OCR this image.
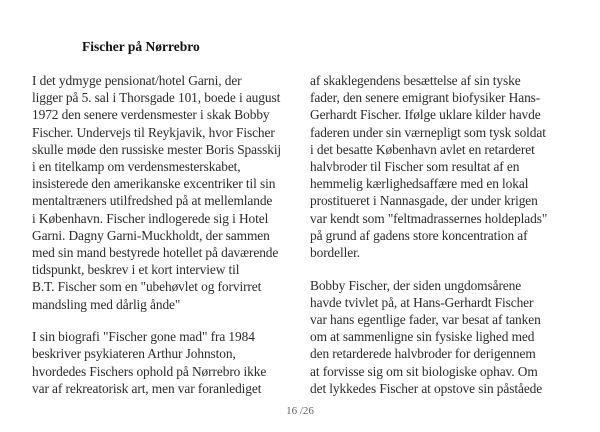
Fischer på Nørrebro
I det ydmyge pensionat/hotel Garni, der
ligger på 5. sal i Thorsgade 101, boede i august
1972 den senere verdensmester i skak Bobby
Fischer. Undervejs til Reykjavik, hvor Fischer
skulle møde den russiske mester Boris Spasskij
i en titelkamp om verdensmesterskabet,
insisterede den amerikanske excentriker til sin
mentaltræners utilfredshed på at mellemlande
i København. Fischer indlogerede sig i Hotel
Garni. Dagny Garni-Muckholdt, der sammen
med sin mand bestyrede hotellet på daværende
tidspunkt, beskrev i et kort interview til
B.T. Fischer som en "ubehøvlet og forvirret
mandsling med dårlig ånde"
I sin biografi "Fischer gone mad" fra 1984
beskriver psykiateren Arthur Johnston,
hvordedes Fischers ophold på Nørrebro ikke
var af rekreatorisk art, men var foranlediget
af skaklegendens besættelse af sin tyske
fader, den senere emigrant biofysiker Hans-
Gerhardt Fischer. Ifølge uklare kilder havde
faderen under sin værnepligt som tysk soldat
i det besatte København avlet en retarderet
halvbroder til Fischer som resultat af en
hemmelig kærlighedsaffære med en lokal
prostitueret i Nannasgade, der under krigen
var kendt som "feltmadrassernes holdeplads"
på grund af gadens store koncentration af
bordeller.
Bobby Fischer, der siden ungdomsårene
havde tvivlet på, at Hans-Gerhardt Fischer
var hans egentlige fader, var besat af tanken
om at sammenligne sin fysiske lighed med
den retarderede halvbroder for derigennem
at forvisse sig om sit biologiske ophav. Om
det lykkedes Fischer at opstove sin påståede
16 /26
